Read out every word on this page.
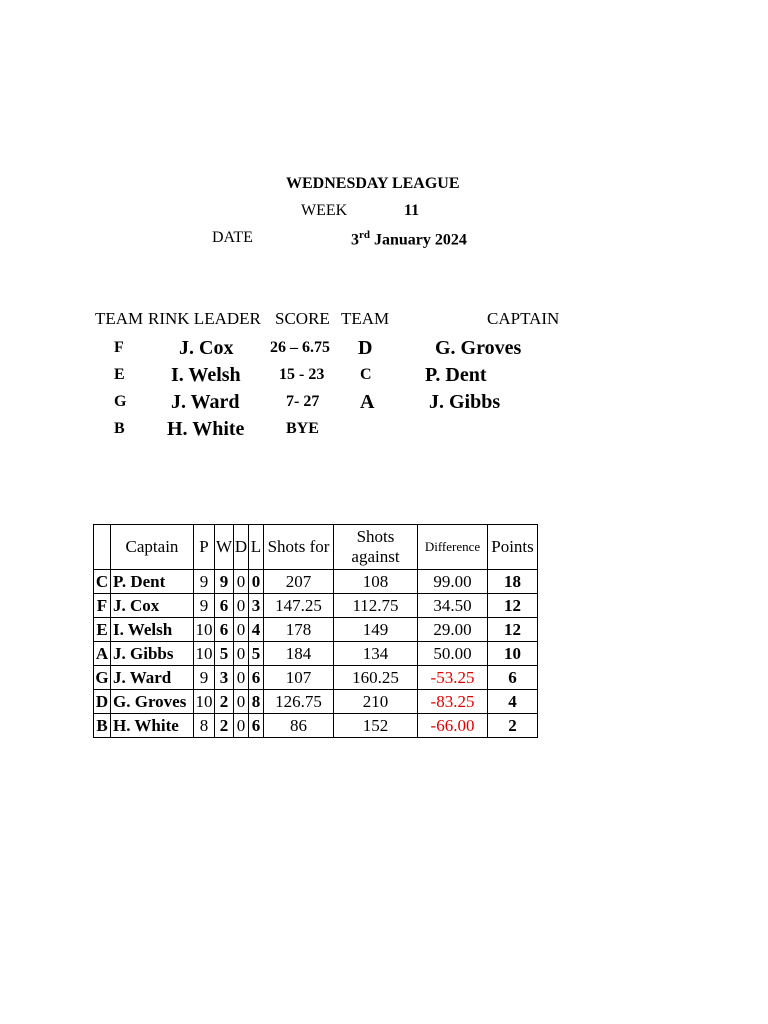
WEDNESDAY LEAGUE
WEEK	11
DATE	3rd January 2024
TEAM RINK LEADER SCORE TEAM	CAPTAIN
F	J. Cox 26 – 6.75 D	G. Groves
E I. Welsh 15 - 23 C	P. Dent
G J. Ward	7- 27 A	J. Gibbs
B H. White	BYE
	Captain	P	W	D	L	Shots for	Shots against	Difference	Points
C	P. Dent	9	9	0	0	207	108	99.00	18
F	J. Cox	9	6	0	3	147.25	112.75	34.50	12
E	I. Welsh	10	6	0	4	178	149	29.00	12
A	J. Gibbs	10	5	0	5	184	134	50.00	10
G	J. Ward	9	3	0	6	107	160.25	-53.25	6
D	G. Groves	10	2	0	8	126.75	210	-83.25	4
B	H. White	8	2	0	6	86	152	-66.00	2
